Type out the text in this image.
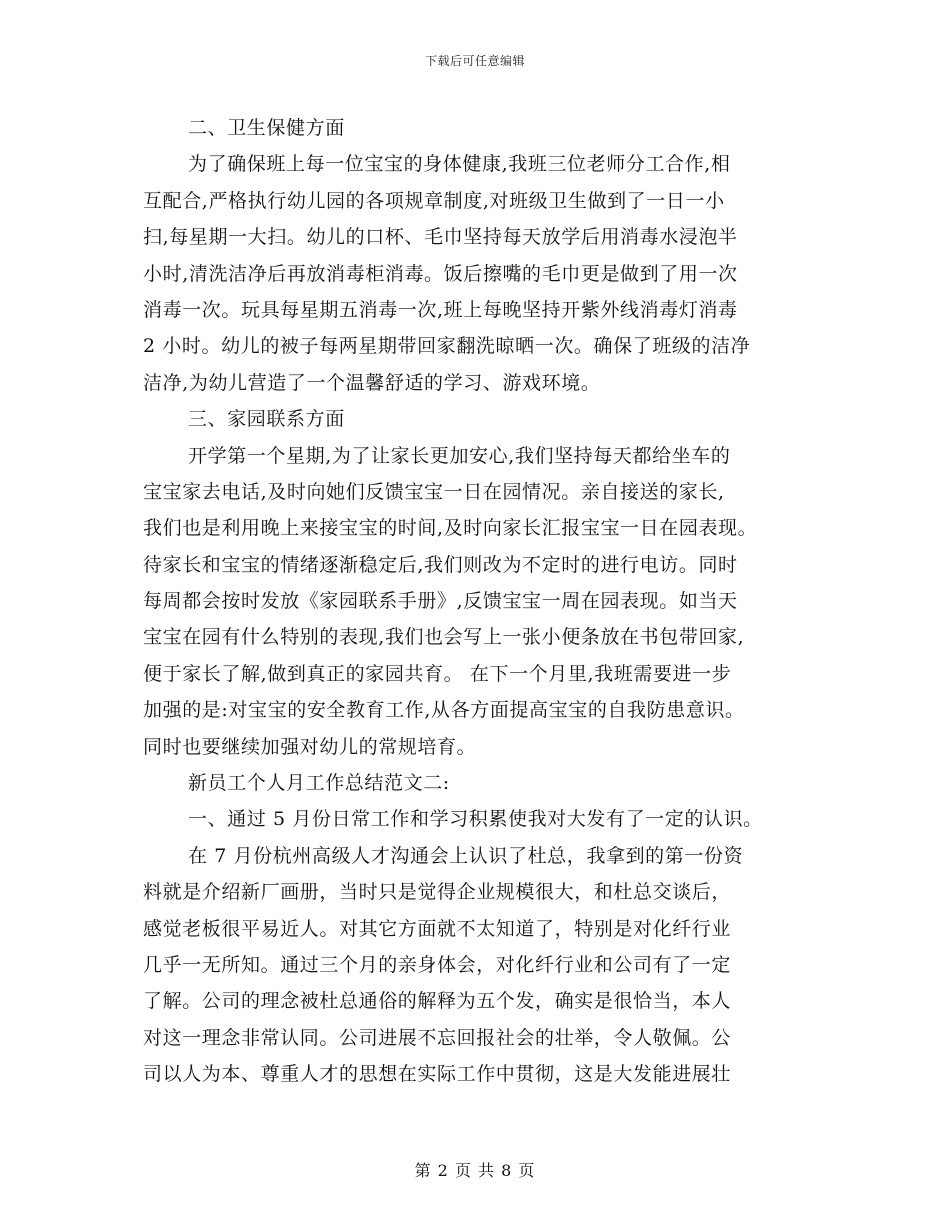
下载后可任意编辑
二、卫生保健方面
为了确保班上每一位宝宝的身体健康,我班三位老师分工合作,相
互配合,严格执行幼儿园的各项规章制度,对班级卫生做到了一日一小
扫,每星期一大扫。幼儿的口杯、毛巾坚持每天放学后用消毒水浸泡半
小时,清洗洁净后再放消毒柜消毒。饭后擦嘴的毛巾更是做到了用一次
消毒一次。玩具每星期五消毒一次,班上每晚坚持开紫外线消毒灯消毒
2 小时。幼儿的被子每两星期带回家翻洗晾晒一次。确保了班级的洁净
洁净,为幼儿营造了一个温馨舒适的学习、游戏环境。
三、家园联系方面
开学第一个星期,为了让家长更加安心,我们坚持每天都给坐车的
宝宝家去电话,及时向她们反馈宝宝一日在园情况。亲自接送的家长,
我们也是利用晚上来接宝宝的时间,及时向家长汇报宝宝一日在园表现。
待家长和宝宝的情绪逐渐稳定后,我们则改为不定时的进行电访。同时
每周都会按时发放《家园联系手册》,反馈宝宝一周在园表现。如当天
宝宝在园有什么特别的表现,我们也会写上一张小便条放在书包带回家,
便于家长了解,做到真正的家园共育。 在下一个月里,我班需要进一步
加强的是:对宝宝的安全教育工作,从各方面提高宝宝的自我防患意识。
同时也要继续加强对幼儿的常规培育。
新员工个人月工作总结范文二:
一、通过 5 月份日常工作和学习积累使我对大发有了一定的认识。
在 7 月份杭州高级人才沟通会上认识了杜总，我拿到的第一份资
料就是介绍新厂画册，当时只是觉得企业规模很大，和杜总交谈后，
感觉老板很平易近人。对其它方面就不太知道了，特别是对化纤行业
几乎一无所知。通过三个月的亲身体会，对化纤行业和公司有了一定
了解。公司的理念被杜总通俗的解释为五个发，确实是很恰当，本人
对这一理念非常认同。公司进展不忘回报社会的壮举，令人敬佩。公
司以人为本、尊重人才的思想在实际工作中贯彻，这是大发能进展壮
第 2 页 共 8 页
